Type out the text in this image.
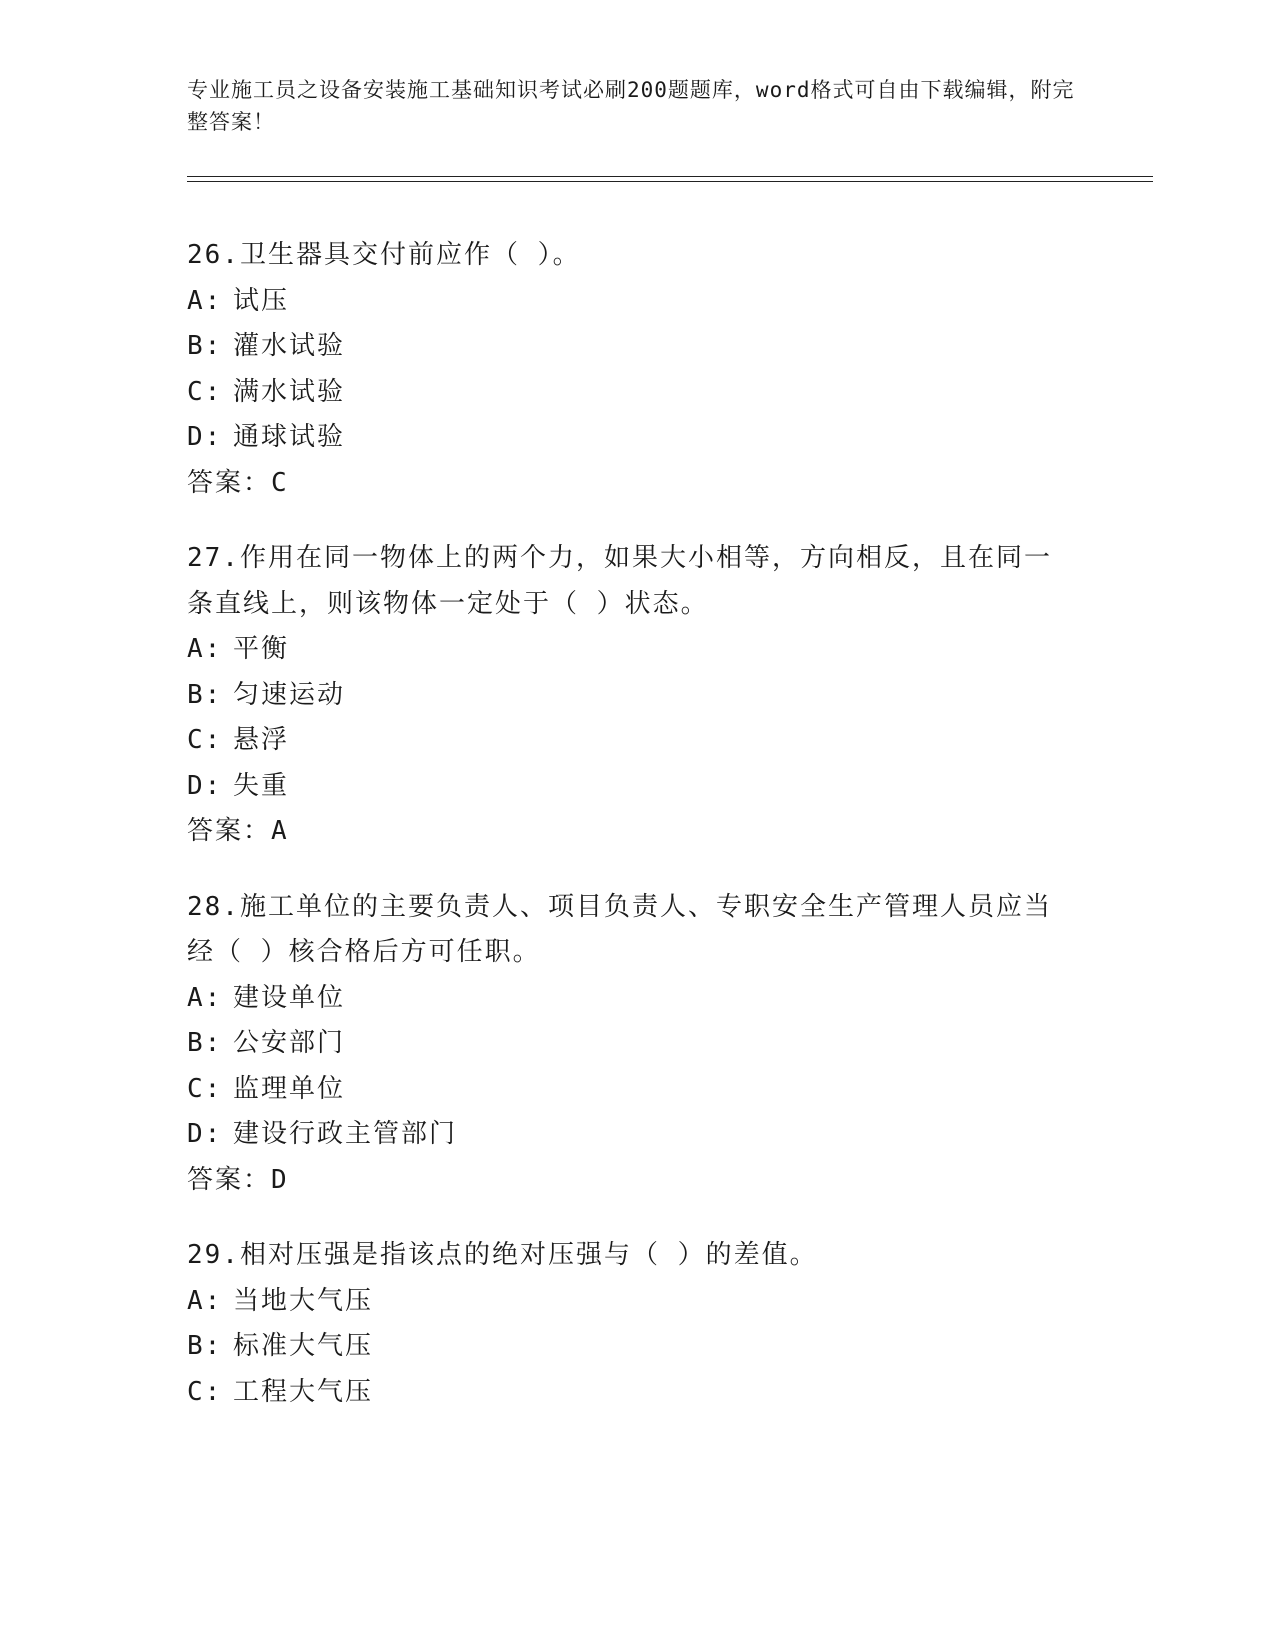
专业施工员之设备安装施工基础知识考试必刷200题题库，word格式可自由下载编辑，附完整答案！
26.卫生器具交付前应作（ ）。
A: 试压
B: 灌水试验
C: 满水试验
D: 通球试验
答案：C
27.作用在同一物体上的两个力，如果大小相等，方向相反，且在同一条直线上，则该物体一定处于（ ）状态。
A: 平衡
B: 匀速运动
C: 悬浮
D: 失重
答案：A
28.施工单位的主要负责人、项目负责人、专职安全生产管理人员应当经（ ）核合格后方可任职。
A: 建设单位
B: 公安部门
C: 监理单位
D: 建设行政主管部门
答案：D
29.相对压强是指该点的绝对压强与（ ）的差值。
A: 当地大气压
B: 标准大气压
C: 工程大气压
